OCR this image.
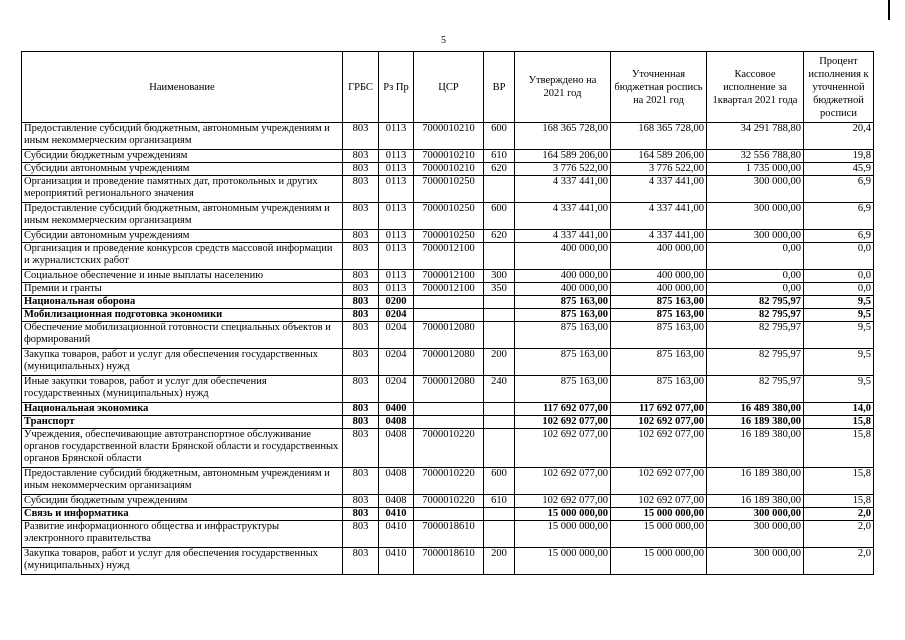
5
Наименование	ГРБС	Рз Пр	ЦСР	ВР	Утверждено на 2021 год	Уточненная бюджетная роспись на 2021 год	Кассовое исполнение за 1квартал 2021 года	Процент исполнения к уточненной бюджетной росписи
Предоставление субсидий бюджетным, автономным учреждениям и иным некоммерческим организациям	803	0113	7000010210	600	168 365 728,00	168 365 728,00	34 291 788,80	20,4
Субсидии бюджетным учреждениям	803	0113	7000010210	610	164 589 206,00	164 589 206,00	32 556 788,80	19,8
Субсидии автономным учреждениям	803	0113	7000010210	620	3 776 522,00	3 776 522,00	1 735 000,00	45,9
Организация и проведение памятных дат, протокольных и других мероприятий регионального значения	803	0113	7000010250		4 337 441,00	4 337 441,00	300 000,00	6,9
Предоставление субсидий бюджетным, автономным учреждениям и иным некоммерческим организациям	803	0113	7000010250	600	4 337 441,00	4 337 441,00	300 000,00	6,9
Субсидии автономным учреждениям	803	0113	7000010250	620	4 337 441,00	4 337 441,00	300 000,00	6,9
Организация и проведение конкурсов средств массовой информации и журналистских работ	803	0113	7000012100		400 000,00	400 000,00	0,00	0,0
Социальное обеспечение и иные выплаты населению	803	0113	7000012100	300	400 000,00	400 000,00	0,00	0,0
Премии и гранты	803	0113	7000012100	350	400 000,00	400 000,00	0,00	0,0
Национальная оборона	803	0200			875 163,00	875 163,00	82 795,97	9,5
Мобилизационная подготовка экономики	803	0204			875 163,00	875 163,00	82 795,97	9,5
Обеспечение мобилизационной готовности специальных объектов и формирований	803	0204	7000012080		875 163,00	875 163,00	82 795,97	9,5
Закупка товаров, работ и услуг для обеспечения государственных (муниципальных) нужд	803	0204	7000012080	200	875 163,00	875 163,00	82 795,97	9,5
Иные закупки товаров, работ и услуг для обеспечения государственных (муниципальных) нужд	803	0204	7000012080	240	875 163,00	875 163,00	82 795,97	9,5
Национальная экономика	803	0400			117 692 077,00	117 692 077,00	16 489 380,00	14,0
Транспорт	803	0408			102 692 077,00	102 692 077,00	16 189 380,00	15,8
Учреждения, обеспечивающие автотранспортное обслуживание органов государственной власти Брянской области и государственных органов Брянской области	803	0408	7000010220		102 692 077,00	102 692 077,00	16 189 380,00	15,8
Предоставление субсидий бюджетным, автономным учреждениям и иным некоммерческим организациям	803	0408	7000010220	600	102 692 077,00	102 692 077,00	16 189 380,00	15,8
Субсидии бюджетным учреждениям	803	0408	7000010220	610	102 692 077,00	102 692 077,00	16 189 380,00	15,8
Связь и информатика	803	0410			15 000 000,00	15 000 000,00	300 000,00	2,0
Развитие информационного общества и инфраструктуры электронного правительства	803	0410	7000018610		15 000 000,00	15 000 000,00	300 000,00	2,0
Закупка товаров, работ и услуг для обеспечения государственных (муниципальных) нужд	803	0410	7000018610	200	15 000 000,00	15 000 000,00	300 000,00	2,0
